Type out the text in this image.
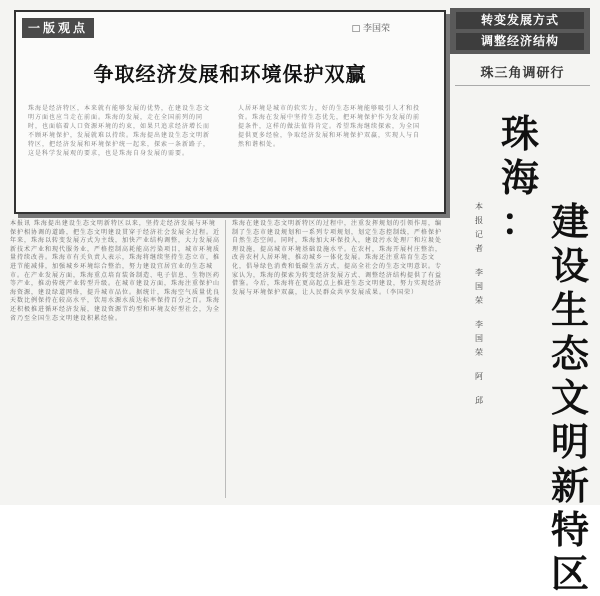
一版观点	□ 李国荣
争取经济发展和环境保护双赢
珠海是经济特区，本来就有能够发展的优势，在建设生态文明方面也应当走在前面。珠海的发展，走在全国前列的同时，也面临着人口资源环境的约束，如果只追求经济增长而不顾环境保护，发展就难以持续。珠海提出建设生态文明新特区，把经济发展和环境保护统一起来，探索一条新路子，这是科学发展观的要求，也是珠海自身发展的需要。
人居环境是城市的软实力，好的生态环境能够吸引人才和投资。珠海在发展中坚持生态优先，把环境保护作为发展的前提条件，这样的做法值得肯定。希望珠海继续探索，为全国提供更多经验，争取经济发展和环境保护双赢，实现人与自然和谐相处。
本报讯 珠海提出建设生态文明新特区以来，坚持走经济发展与环境保护相协调的道路，把生态文明建设贯穿于经济社会发展全过程。近年来，珠海以转变发展方式为主线，加快产业结构调整，大力发展高新技术产业和现代服务业，严格控制高耗能高污染项目，城市环境质量持续改善。珠海市有关负责人表示，珠海将继续坚持生态立市，推进节能减排，加强城乡环境综合整治，努力建设宜居宜业的生态城市。在产业发展方面，珠海重点培育装备制造、电子信息、生物医药等产业，推动传统产业转型升级。在城市建设方面，珠海注重保护山海资源，建设绿道网络，提升城市品位。据统计，珠海空气质量优良天数比例保持在较高水平，饮用水源水质达标率保持百分之百。珠海还积极推进循环经济发展，建设资源节约型和环境友好型社会，为全省乃至全国生态文明建设积累经验。
珠海在建设生态文明新特区的过程中，注重发挥规划的引领作用，编制了生态市建设规划和一系列专项规划，划定生态控制线，严格保护自然生态空间。同时，珠海加大环保投入，建设污水处理厂和垃圾处理设施，提高城市环境基础设施水平。在农村，珠海开展村庄整治，改善农村人居环境，推动城乡一体化发展。珠海还注重培育生态文化，倡导绿色消费和低碳生活方式，提高全社会的生态文明意识。专家认为，珠海的探索为转变经济发展方式、调整经济结构提供了有益借鉴。今后，珠海将在更高起点上推进生态文明建设，努力实现经济发展与环境保护双赢，让人民群众共享发展成果。（李国荣）
转变发展方式
调整经济结构
珠三角调研行
本
报
记
者
李
国
荣
李
国
荣
阿
邱
珠
海
： 建
设
生
态
文
明
新
特
区
